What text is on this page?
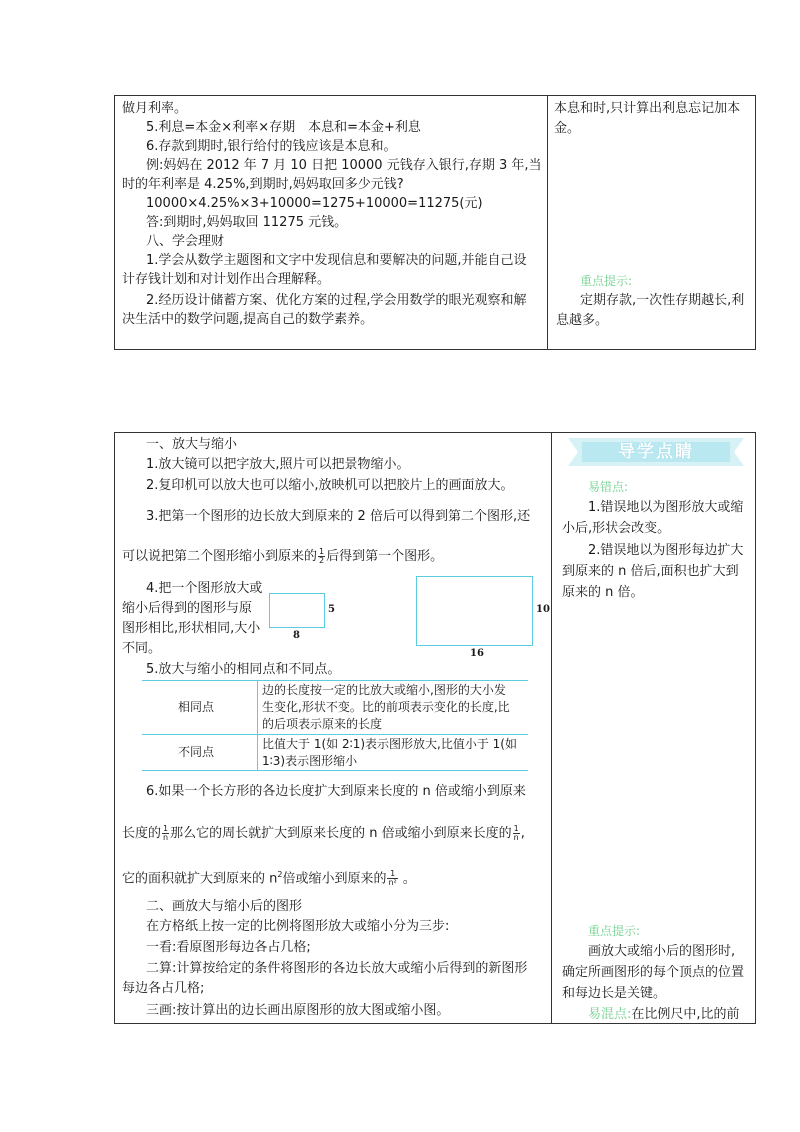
做月利率。
5.利息=本金×利率×存期　本息和=本金+利息
6.存款到期时,银行给付的钱应该是本息和。
例:妈妈在 2012 年 7 月 10 日把 10000 元钱存入银行,存期 3 年,当
时的年利率是 4.25%,到期时,妈妈取回多少元钱?
10000×4.25%×3+10000=1275+10000=11275(元)
答:到期时,妈妈取回 11275 元钱。
八、学会理财
1.学会从数学主题图和文字中发现信息和要解决的问题,并能自己设
计存钱计划和对计划作出合理解释。
2.经历设计储蓄方案、优化方案的过程,学会用数学的眼光观察和解
决生活中的数学问题,提高自己的数学素养。
本息和时,只计算出利息忘记加本
金。
重点提示:
定期存款,一次性存期越长,利
息越多。
一、放大与缩小
1.放大镜可以把字放大,照片可以把景物缩小。
2.复印机可以放大也可以缩小,放映机可以把胶片上的画面放大。
3.把第一个图形的边长放大到原来的 2 倍后可以得到第二个图形,还
可以说把第二个图形缩小到原来的 $\frac{1}{2}$ 后得到第一个图形。
4.把一个图形放大或
缩小后得到的图形与原
图形相比,形状相同,大小
不同。
5
8
10
16
5.放大与缩小的相同点和不同点。
相同点
边的长度按一定的比放大或缩小,图形的大小发
生变化,形状不变。比的前项表示变化的长度,比
的后项表示原来的长度
不同点
比值大于 1(如 2∶1)表示图形放大,比值小于 1(如
1∶3)表示图形缩小
6.如果一个长方形的各边长度扩大到原来长度的 n 倍或缩小到原来
长度的 $\frac{1}{n}$ 那么它的周长就扩大到原来长度的 n 倍或缩小到原来长度的 $\frac{1}{n}$ ,
它的面积就扩大到原来的 $n^2$倍或缩小到原来的 $\frac{1}{\text{n²}}$ 。
二、画放大与缩小后的图形
在方格纸上按一定的比例将图形放大或缩小分为三步:
一看:看原图形每边各占几格;
二算:计算按给定的条件将图形的各边长放大或缩小后得到的新图形
每边各占几格;
三画:按计算出的边长画出原图形的放大图或缩小图。
导学点睛
易错点:
1.错误地以为图形放大或缩
小后,形状会改变。
2.错误地以为图形每边扩大
到原来的 n 倍后,面积也扩大到
原来的 n 倍。
重点提示:
画放大或缩小后的图形时,
确定所画图形的每个顶点的位置
和每边长是关键。
易混点:在比例尺中,比的前
